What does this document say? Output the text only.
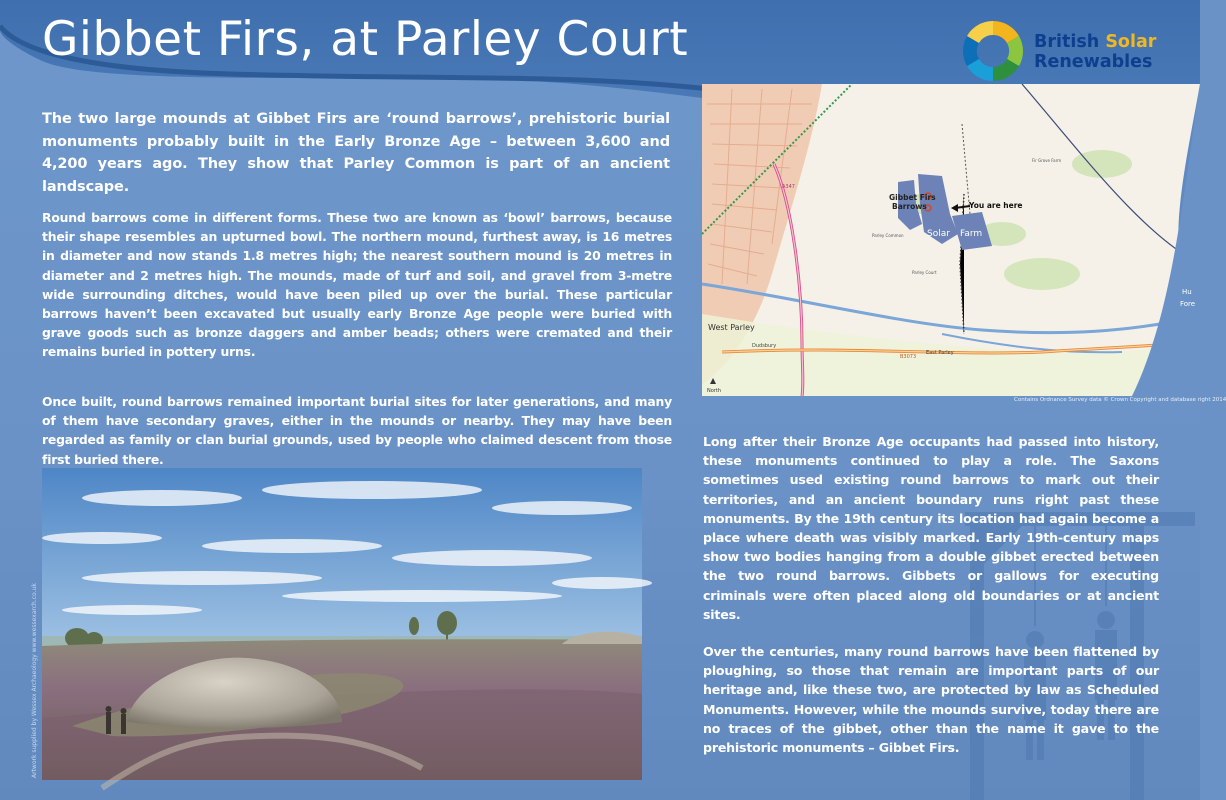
Gibbet Firs, at Parley Court	British Solar
Renewables
The two large mounds at Gibbet Firs are ‘round barrows’, prehistoric burial monuments probably built in the Early Bronze Age – between 3,600 and 4,200 years ago. They show that Parley Common is part of an ancient landscape.
Round barrows come in different forms. These two are known as ‘bowl’ barrows, because their shape resembles an upturned bowl. The northern mound, furthest away, is 16 metres in diameter and now stands 1.8 metres high; the nearest southern mound is 20 metres in diameter and 2 metres high. The mounds, made of turf and soil, and gravel from 3-metre wide surrounding ditches, would have been piled up over the burial. These particular barrows haven’t been excavated but usually early Bronze Age people were buried with grave goods such as bronze daggers and amber beads; others were cremated and their remains buried in pottery urns.
Once built, round barrows remained important burial sites for later generations, and many of them have secondary graves, either in the mounds or nearby. They may have been regarded as family or clan burial grounds, used by people who claimed descent from those first buried there.
Artwork supplied by Wessex Archaeology www.wessexarch.co.uk
Solar Farm
Gibbet Firs
Barrows	You are here
West Parley
Dudsbury
East Parley
Parley Common
Fir Grove Farm
Parley Court
A347
B3073
North
Hu
Fore
Contains Ordnance Survey data © Crown Copyright and database right 2014
Long after their Bronze Age occupants had passed into history, these monuments continued to play a role. The Saxons sometimes used existing round barrows to mark out their territories, and an ancient boundary runs right past these monuments. By the 19th century its location had again become a place where death was visibly marked. Early 19th-century maps show two bodies hanging from a double gibbet erected between the two round barrows. Gibbets or gallows for executing criminals were often placed along old boundaries or at ancient sites.
Over the centuries, many round barrows have been flattened by ploughing, so those that remain are important parts of our heritage and, like these two, are protected by law as Scheduled Monuments. However, while the mounds survive, today there are no traces of the gibbet, other than the name it gave to the prehistoric monuments – Gibbet Firs.
